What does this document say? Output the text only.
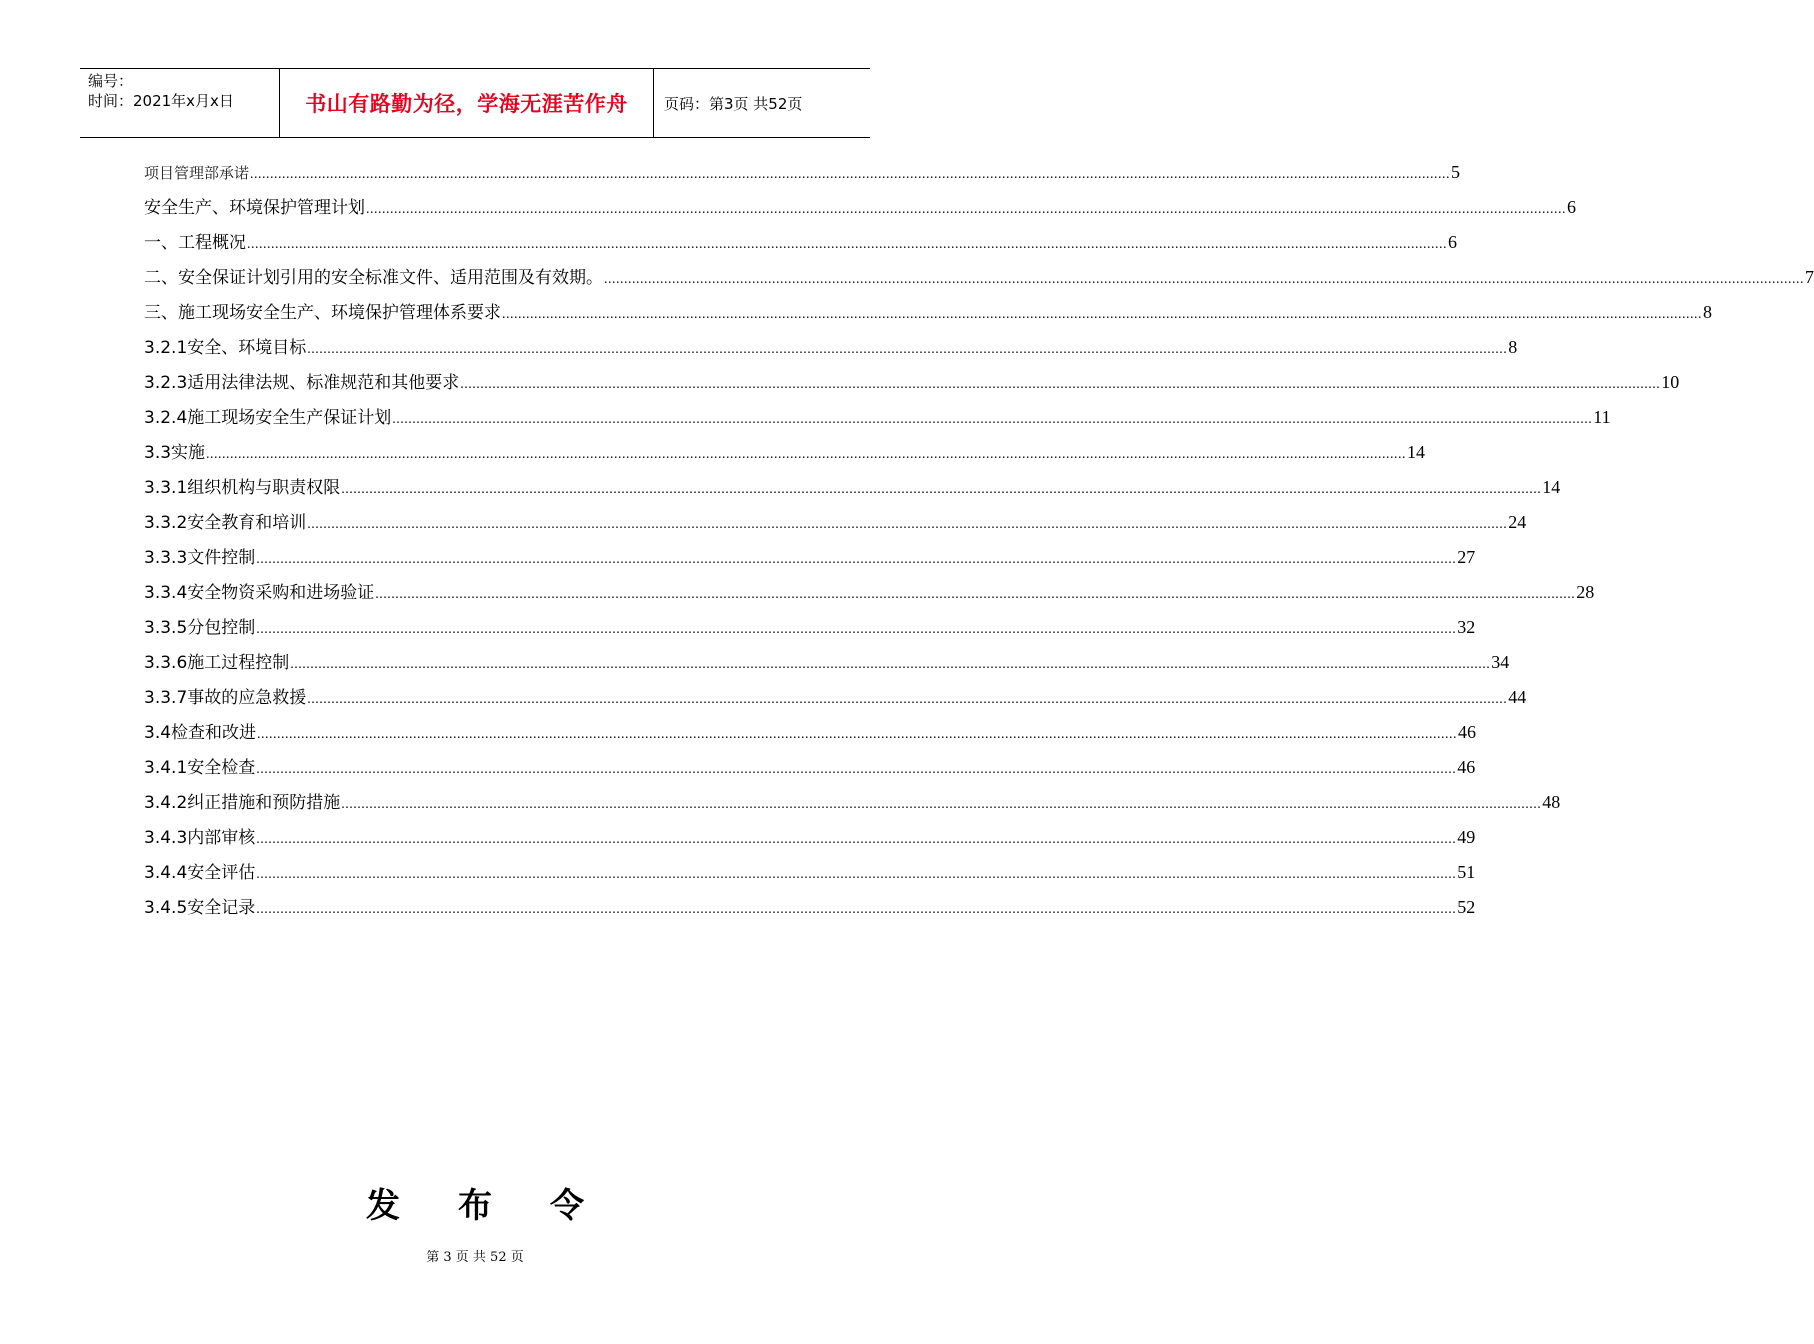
编号：
时间：2021年x月x日	书山有路勤为径，学海无涯苦作舟	页码：第3页 共52页
项目管理部承诺 ............................................................................................................................................................................................................................................................................................................ 5
安全生产、环境保护管理计划 ............................................................................................................................................................................................................................................................................................................ 6
一、工程概况 ............................................................................................................................................................................................................................................................................................................ 6
二、安全保证计划引用的安全标准文件、适用范围及有效期。 ............................................................................................................................................................................................................................................................................................................ 7
三、施工现场安全生产、环境保护管理体系要求 ............................................................................................................................................................................................................................................................................................................ 8
3.2.1安全、环境目标 ............................................................................................................................................................................................................................................................................................................ 8
3.2.3适用法律法规、标准规范和其他要求 ............................................................................................................................................................................................................................................................................................................ 10
3.2.4施工现场安全生产保证计划 ............................................................................................................................................................................................................................................................................................................ 11
3.3实施 ............................................................................................................................................................................................................................................................................................................ 14
3.3.1组织机构与职责权限 ............................................................................................................................................................................................................................................................................................................ 14
3.3.2安全教育和培训 ............................................................................................................................................................................................................................................................................................................ 24
3.3.3文件控制 ............................................................................................................................................................................................................................................................................................................ 27
3.3.4安全物资采购和进场验证 ............................................................................................................................................................................................................................................................................................................ 28
3.3.5分包控制 ............................................................................................................................................................................................................................................................................................................ 32
3.3.6施工过程控制 ............................................................................................................................................................................................................................................................................................................ 34
3.3.7事故的应急救援 ............................................................................................................................................................................................................................................................................................................ 44
3.4检查和改进 ............................................................................................................................................................................................................................................................................................................ 46
3.4.1安全检查 ............................................................................................................................................................................................................................................................................................................ 46
3.4.2纠正措施和预防措施 ............................................................................................................................................................................................................................................................................................................ 48
3.4.3内部审核 ............................................................................................................................................................................................................................................................................................................ 49
3.4.4安全评估 ............................................................................................................................................................................................................................................................................................................ 51
3.4.5安全记录 ............................................................................................................................................................................................................................................................................................................ 52
发布令
第 3 页 共 52 页
